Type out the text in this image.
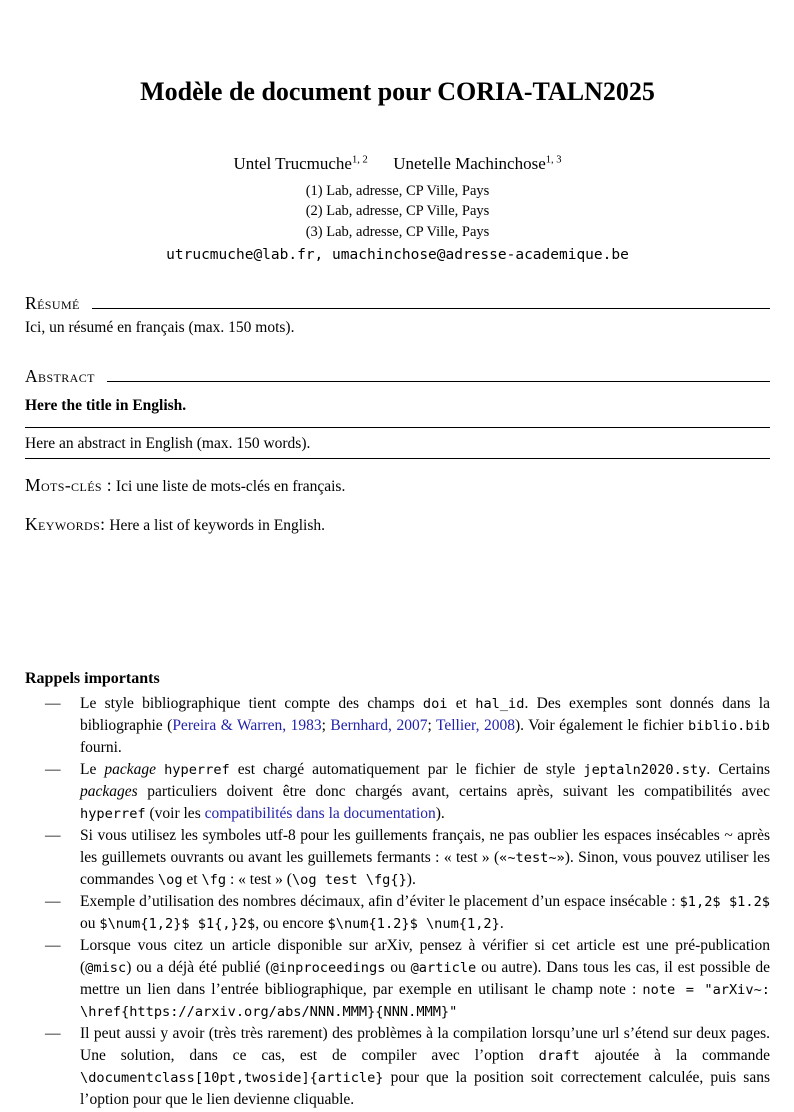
Modèle de document pour CORIA-TALN2025
Untel Trucmuche$^{1, 2}$   Unetelle Machinchose$^{1, 3}$
(1) Lab, adresse, CP Ville, Pays
(2) Lab, adresse, CP Ville, Pays
(3) Lab, adresse, CP Ville, Pays
utrucmuche@lab.fr, umachinchose@adresse-academique.be
Résumé

Ici, un résumé en français (max. 150 mots).

Abstract

Here the title in English.

Here an abstract in English (max. 150 words).

Mots-clés : Ici une liste de mots-clés en français.

Keywords: Here a list of keywords in English.

Rappels importants
— Le style bibliographique tient compte des champs doi et hal_id. Des exemples sont donnés dans la bibliographie (Pereira & Warren, 1983; Bernhard, 2007; Tellier, 2008). Voir également le fichier biblio.bib fourni.
— Le package hyperref est chargé automatiquement par le fichier de style jeptaln2020.sty. Certains packages particuliers doivent être donc chargés avant, certains après, suivant les compatibilités avec hyperref (voir les compatibilités dans la documentation).
— Si vous utilisez les symboles utf-8 pour les guillements français, ne pas oublier les espaces insécables ~ après les guillemets ouvrants ou avant les guillemets fermants : « test » («~test~»). Sinon, vous pouvez utiliser les commandes \og et \fg : « test » (\og test \fg{}).
— Exemple d’utilisation des nombres décimaux, afin d’éviter le placement d’un espace insécable : $1,2$ $1.2$ ou $\num{1,2}$ $1{,}2$, ou encore $\num{1.2}$ \num{1,2}.
— Lorsque vous citez un article disponible sur arXiv, pensez à vérifier si cet article est une pré-publication (@misc) ou a déjà été publié (@inproceedings ou @article ou autre). Dans tous les cas, il est possible de mettre un lien dans l’entrée bibliographique, par exemple en utilisant le champ note : note = "arXiv~: \href{https://arxiv.org/abs/NNN.MMM}{NNN.MMM}"
— Il peut aussi y avoir (très très rarement) des problèmes à la compilation lorsqu’une url s’étend sur deux pages. Une solution, dans ce cas, est de compiler avec l’option draft ajoutée à la commande \documentclass[10pt,twoside]{article} pour que la position soit correctement calculée, puis sans l’option pour que le lien devienne cliquable.
